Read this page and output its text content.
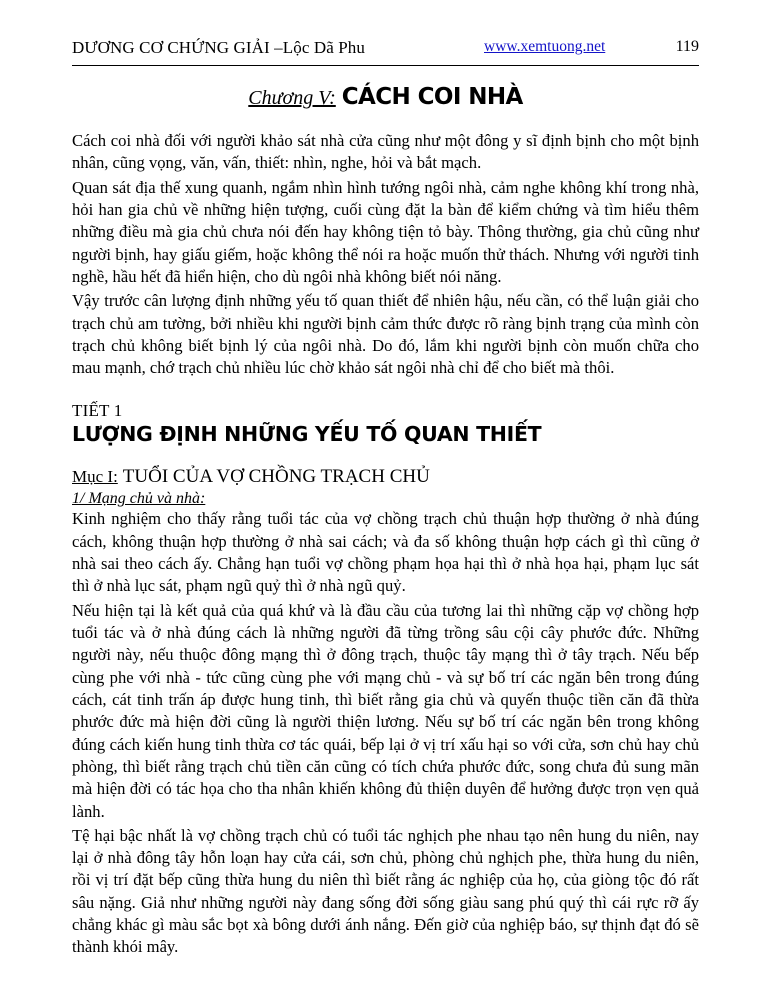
DƯƠNG CƠ CHỨNG GIẢI –Lộc Dã Phu	www.xemtuong.net	119
Chương V: CÁCH COI NHÀ

Cách coi nhà đối với người khảo sát nhà cửa cũng như một đông y sĩ định bịnh cho một bịnh nhân, cũng vọng, văn, vấn, thiết: nhìn, nghe, hỏi và bắt mạch.

Quan sát địa thế xung quanh, ngắm nhìn hình tướng ngôi nhà, cảm nghe không khí trong nhà, hỏi han gia chủ về những hiện tượng, cuối cùng đặt la bàn để kiểm chứng và tìm hiểu thêm những điều mà gia chủ chưa nói đến hay không tiện tỏ bày. Thông thường, gia chủ cũng như người bịnh, hay giấu giếm, hoặc không thể nói ra hoặc muốn thử thách. Nhưng với người tinh nghề, hầu hết đã hiển hiện, cho dù ngôi nhà không biết nói năng.

Vậy trước cân lượng định những yếu tố quan thiết để nhiên hậu, nếu cần, có thể luận giải cho trạch chủ am tường, bởi nhiều khi người bịnh cảm thức được rõ ràng bịnh trạng của mình còn trạch chủ không biết bịnh lý của ngôi nhà. Do đó, lắm khi người bịnh còn muốn chữa cho mau mạnh, chớ trạch chủ nhiều lúc chờ khảo sát ngôi nhà chỉ để cho biết mà thôi.

TIẾT 1
LƯỢNG ĐỊNH NHỮNG YẾU TỐ QUAN THIẾT
Mục I: TUỔI CỦA VỢ CHỒNG TRẠCH CHỦ
1/ Mạng chủ và nhà:

Kinh nghiệm cho thấy rằng tuổi tác của vợ chồng trạch chủ thuận hợp thường ở nhà đúng cách, không thuận hợp thường ở nhà sai cách; và đa số không thuận hợp cách gì thì cũng ở nhà sai theo cách ấy. Chẳng hạn tuổi vợ chồng phạm họa hại thì ở nhà họa hại, phạm lục sát thì ở nhà lục sát, phạm ngũ quỷ thì ở nhà ngũ quỷ.

Nếu hiện tại là kết quả của quá khứ và là đầu cầu của tương lai thì những cặp vợ chồng hợp tuổi tác và ở nhà đúng cách là những người đã từng trồng sâu cội cây phước đức. Những người này, nếu thuộc đông mạng thì ở đông trạch, thuộc tây mạng thì ở tây trạch. Nếu bếp cùng phe với nhà - tức cũng cùng phe với mạng chủ - và sự bố trí các ngăn bên trong đúng cách, cát tinh trấn áp được hung tinh, thì biết rằng gia chủ và quyến thuộc tiền căn đã thừa phước đức mà hiện đời cũng là người thiện lương. Nếu sự bố trí các ngăn bên trong không đúng cách kiến hung tinh thừa cơ tác quái, bếp lại ở vị trí xấu hại so với cửa, sơn chủ hay chủ phòng, thì biết rằng trạch chủ tiền căn cũng có tích chứa phước đức, song chưa đủ sung mãn mà hiện đời có tác họa cho tha nhân khiến không đủ thiện duyên để hưởng được trọn vẹn quả lành.

Tệ hại bậc nhất là vợ chồng trạch chủ có tuổi tác nghịch phe nhau tạo nên hung du niên, nay lại ở nhà đông tây hỗn loạn hay cửa cái, sơn chủ, phòng chủ nghịch phe, thừa hung du niên, rồi vị trí đặt bếp cũng thừa hung du niên thì biết rằng ác nghiệp của họ, của giòng tộc đó rất sâu nặng. Giả như những người này đang sống đời sống giàu sang phú quý thì cái rực rỡ ấy chẳng khác gì màu sắc bọt xà bông dưới ánh nắng. Đến giờ của nghiệp báo, sự thịnh đạt đó sẽ thành khói mây.
